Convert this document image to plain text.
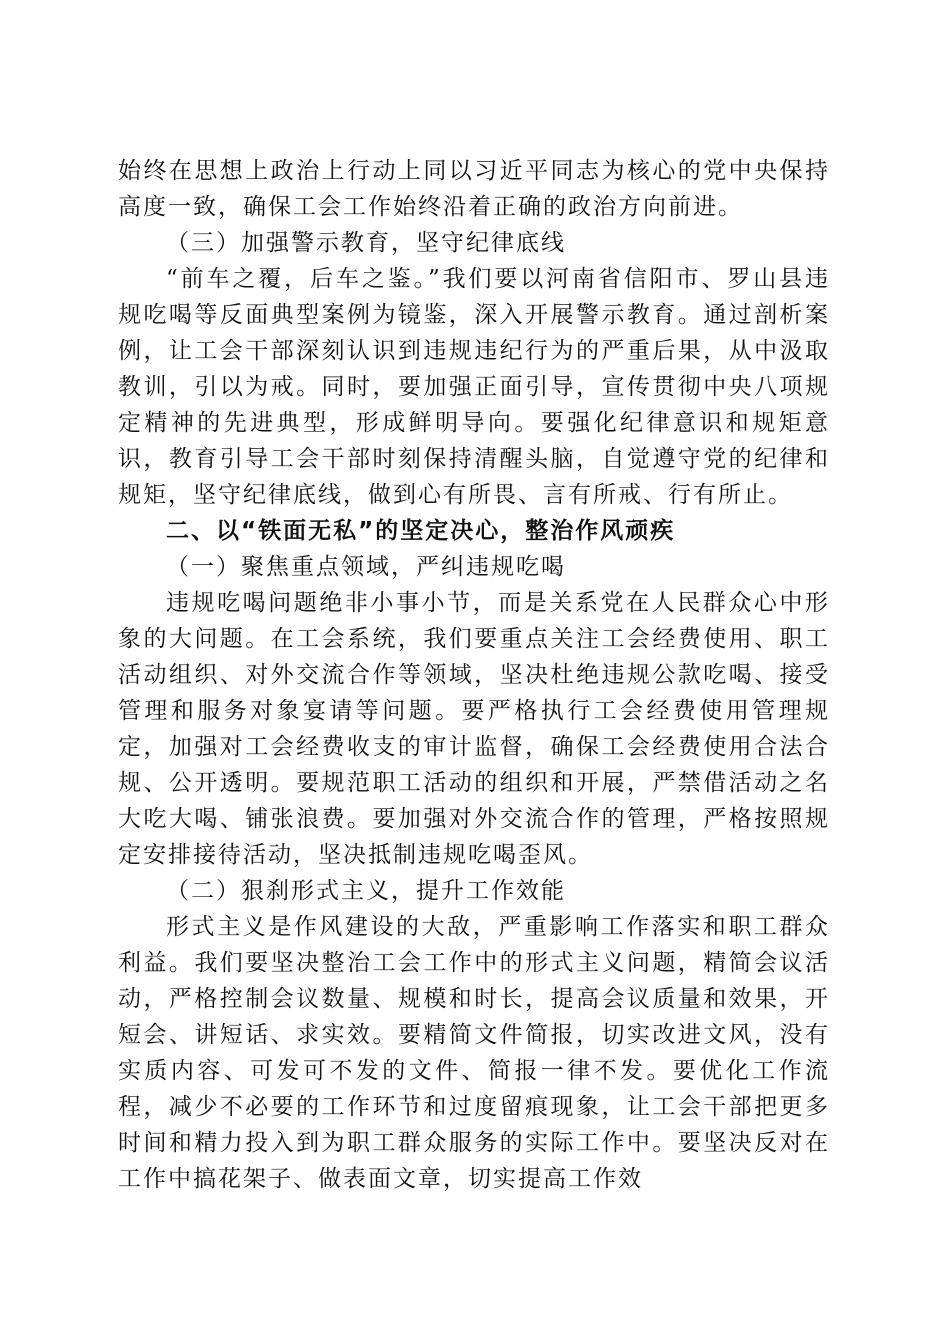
始终在思想上政治上行动上同以习近平同志为核心的党中央保持高度一致，确保工会工作始终沿着正确的政治方向前进。

（三）加强警示教育，坚守纪律底线

“前车之覆，后车之鉴。”我们要以河南省信阳市、罗山县违规吃喝等反面典型案例为镜鉴，深入开展警示教育。通过剖析案例，让工会干部深刻认识到违规违纪行为的严重后果，从中汲取教训，引以为戒。同时，要加强正面引导，宣传贯彻中央八项规定精神的先进典型，形成鲜明导向。要强化纪律意识和规矩意识，教育引导工会干部时刻保持清醒头脑，自觉遵守党的纪律和规矩，坚守纪律底线，做到心有所畏、言有所戒、行有所止。

二、以“铁面无私”的坚定决心，整治作风顽疾

（一）聚焦重点领域，严纠违规吃喝

违规吃喝问题绝非小事小节，而是关系党在人民群众心中形象的大问题。在工会系统，我们要重点关注工会经费使用、职工活动组织、对外交流合作等领域，坚决杜绝违规公款吃喝、接受管理和服务对象宴请等问题。要严格执行工会经费使用管理规定，加强对工会经费收支的审计监督，确保工会经费使用合法合规、公开透明。要规范职工活动的组织和开展，严禁借活动之名大吃大喝、铺张浪费。要加强对外交流合作的管理，严格按照规定安排接待活动，坚决抵制违规吃喝歪风。

（二）狠刹形式主义，提升工作效能

形式主义是作风建设的大敌，严重影响工作落实和职工群众利益。我们要坚决整治工会工作中的形式主义问题，精简会议活动，严格控制会议数量、规模和时长，提高会议质量和效果，开短会、讲短话、求实效。要精简文件简报，切实改进文风，没有实质内容、可发可不发的文件、简报一律不发。要优化工作流程，减少不必要的工作环节和过度留痕现象，让工会干部把更多时间和精力投入到为职工群众服务的实际工作中。要坚决反对在工作中搞花架子、做表面文章，切实提高工作效
